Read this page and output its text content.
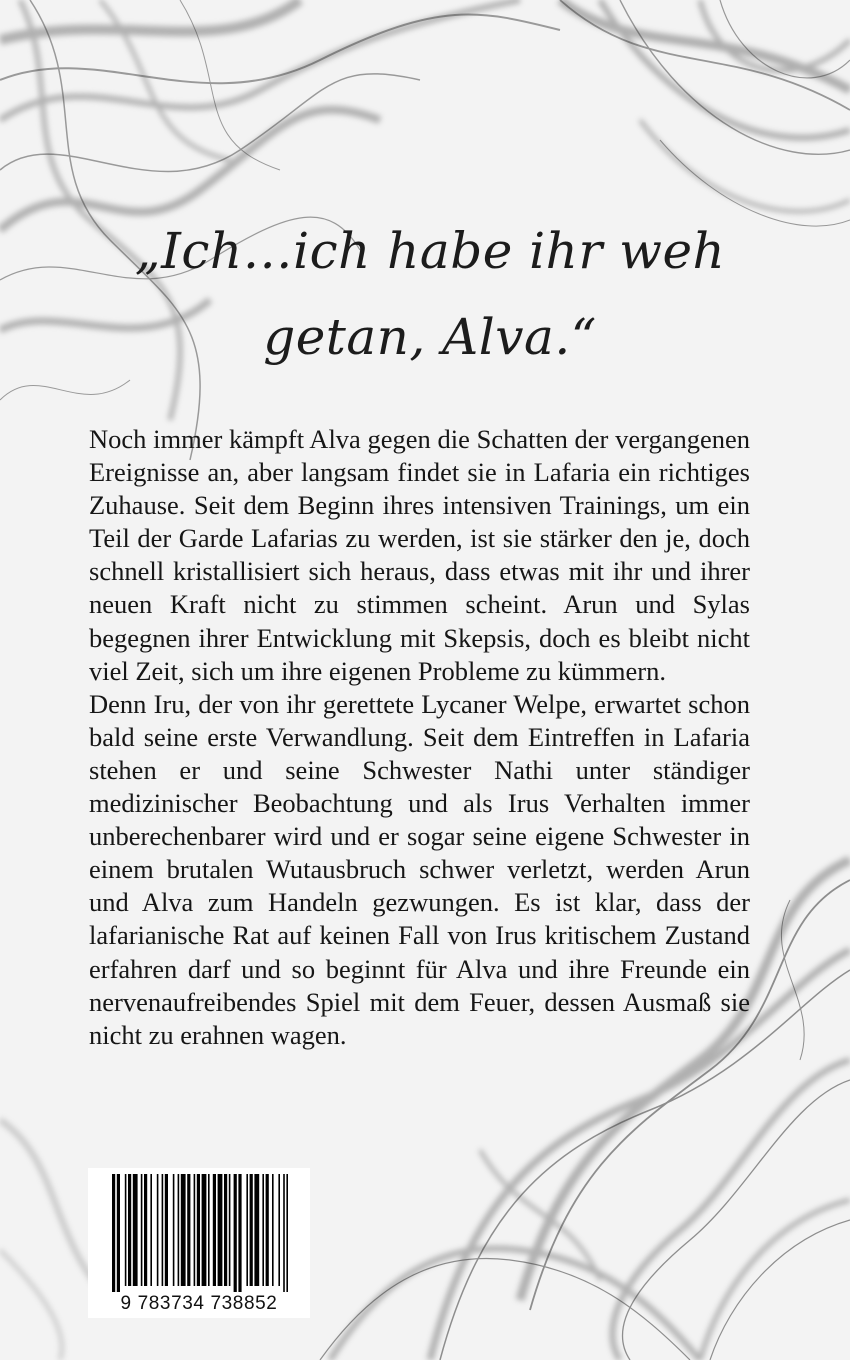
„Ich…ich habe ihr weh
getan, Alva.“

Noch immer kämpft Alva gegen die Schatten der vergangenen Ereignisse an, aber langsam findet sie in Lafaria ein richtiges Zuhause. Seit dem Beginn ihres intensiven Trainings, um ein Teil der Garde Lafarias zu werden, ist sie stärker den je, doch schnell kristallisiert sich heraus, dass etwas mit ihr und ihrer neuen Kraft nicht zu stimmen scheint. Arun und Sylas begegnen ihrer Entwicklung mit Skepsis, doch es bleibt nicht viel Zeit, sich um ihre eigenen Probleme zu kümmern.

Denn Iru, der von ihr gerettete Lycaner Welpe, erwartet schon bald seine erste Verwandlung. Seit dem Eintreffen in Lafaria stehen er und seine Schwester Nathi unter ständiger medizinischer Beobachtung und als Irus Verhalten immer unberechenbarer wird und er sogar seine eigene Schwester in einem brutalen Wutausbruch schwer verletzt, werden Arun und Alva zum Handeln gezwungen. Es ist klar, dass der lafarianische Rat auf keinen Fall von Irus kritischem Zustand erfahren darf und so beginnt für Alva und ihre Freunde ein nervenaufreibendes Spiel mit dem Feuer, dessen Ausmaß sie nicht zu erahnen wagen.

9 783734 738852
